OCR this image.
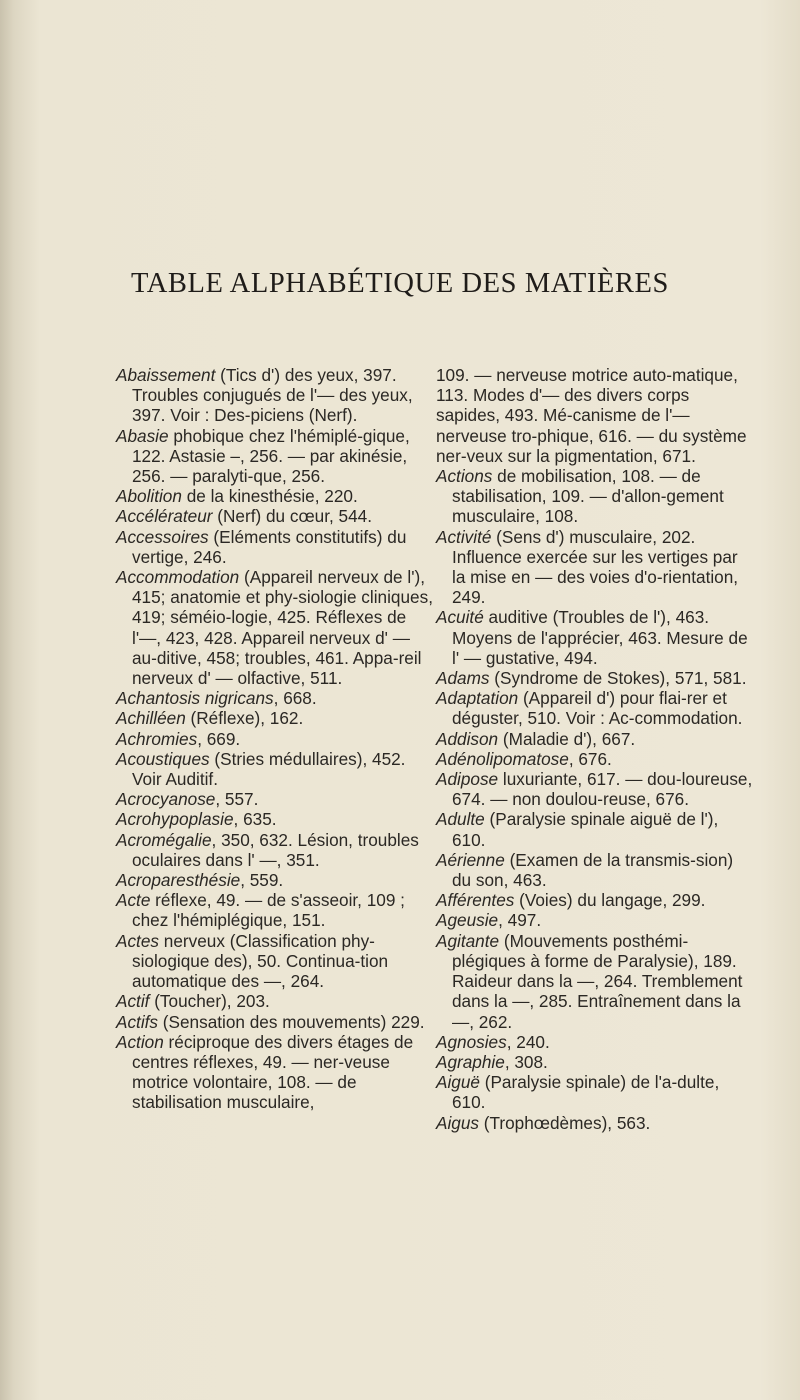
TABLE ALPHABÉTIQUE DES MATIÈRES

Abaissement (Tics d') des yeux, 397. Troubles conjugués de l'— des yeux, 397. Voir : Des-piciens (Nerf).

Abasie phobique chez l'hémiplé-gique, 122. Astasie –, 256. — par akinésie, 256. — paralyti-que, 256.

Abolition de la kinesthésie, 220.

Accélérateur (Nerf) du cœur, 544.

Accessoires (Eléments constitutifs) du vertige, 246.

Accommodation (Appareil nerveux de l'), 415; anatomie et phy-siologie cliniques, 419; séméio-logie, 425. Réflexes de l'—, 423, 428. Appareil nerveux d' — au-ditive, 458; troubles, 461. Appa-reil nerveux d' — olfactive, 511.

Achantosis nigricans, 668.

Achilléen (Réflexe), 162.

Achromies, 669.

Acoustiques (Stries médullaires), 452. Voir Auditif.

Acrocyanose, 557.

Acrohypoplasie, 635.

Acromégalie, 350, 632. Lésion, troubles oculaires dans l' —, 351.

Acroparesthésie, 559.

Acte réflexe, 49. — de s'asseoir, 109 ; chez l'hémiplégique, 151.

Actes nerveux (Classification phy-siologique des), 50. Continua-tion automatique des —, 264.

Actif (Toucher), 203.

Actifs (Sensation des mouvements) 229.

Action réciproque des divers étages de centres réflexes, 49. — ner-veuse motrice volontaire, 108. — de stabilisation musculaire,

109. — nerveuse motrice auto-matique, 113. Modes d'— des divers corps sapides, 493. Mé-canisme de l'— nerveuse tro-phique, 616. — du système ner-veux sur la pigmentation, 671.

Actions de mobilisation, 108. — de stabilisation, 109. — d'allon-gement musculaire, 108.

Activité (Sens d') musculaire, 202. Influence exercée sur les vertiges par la mise en — des voies d'o-rientation, 249.

Acuité auditive (Troubles de l'), 463. Moyens de l'apprécier, 463. Mesure de l' — gustative, 494.

Adams (Syndrome de Stokes), 571, 581.

Adaptation (Appareil d') pour flai-rer et déguster, 510. Voir : Ac-commodation.

Addison (Maladie d'), 667.

Adénolipomatose, 676.

Adipose luxuriante, 617. — dou-loureuse, 674. — non doulou-reuse, 676.

Adulte (Paralysie spinale aiguë de l'), 610.

Aérienne (Examen de la transmis-sion) du son, 463.

Afférentes (Voies) du langage, 299.

Ageusie, 497.

Agitante (Mouvements posthémi-plégiques à forme de Paralysie), 189. Raideur dans la —, 264. Tremblement dans la —, 285. Entraînement dans la —, 262.

Agnosies, 240.

Agraphie, 308.

Aiguë (Paralysie spinale) de l'a-dulte, 610.

Aigus (Trophœdèmes), 563.
